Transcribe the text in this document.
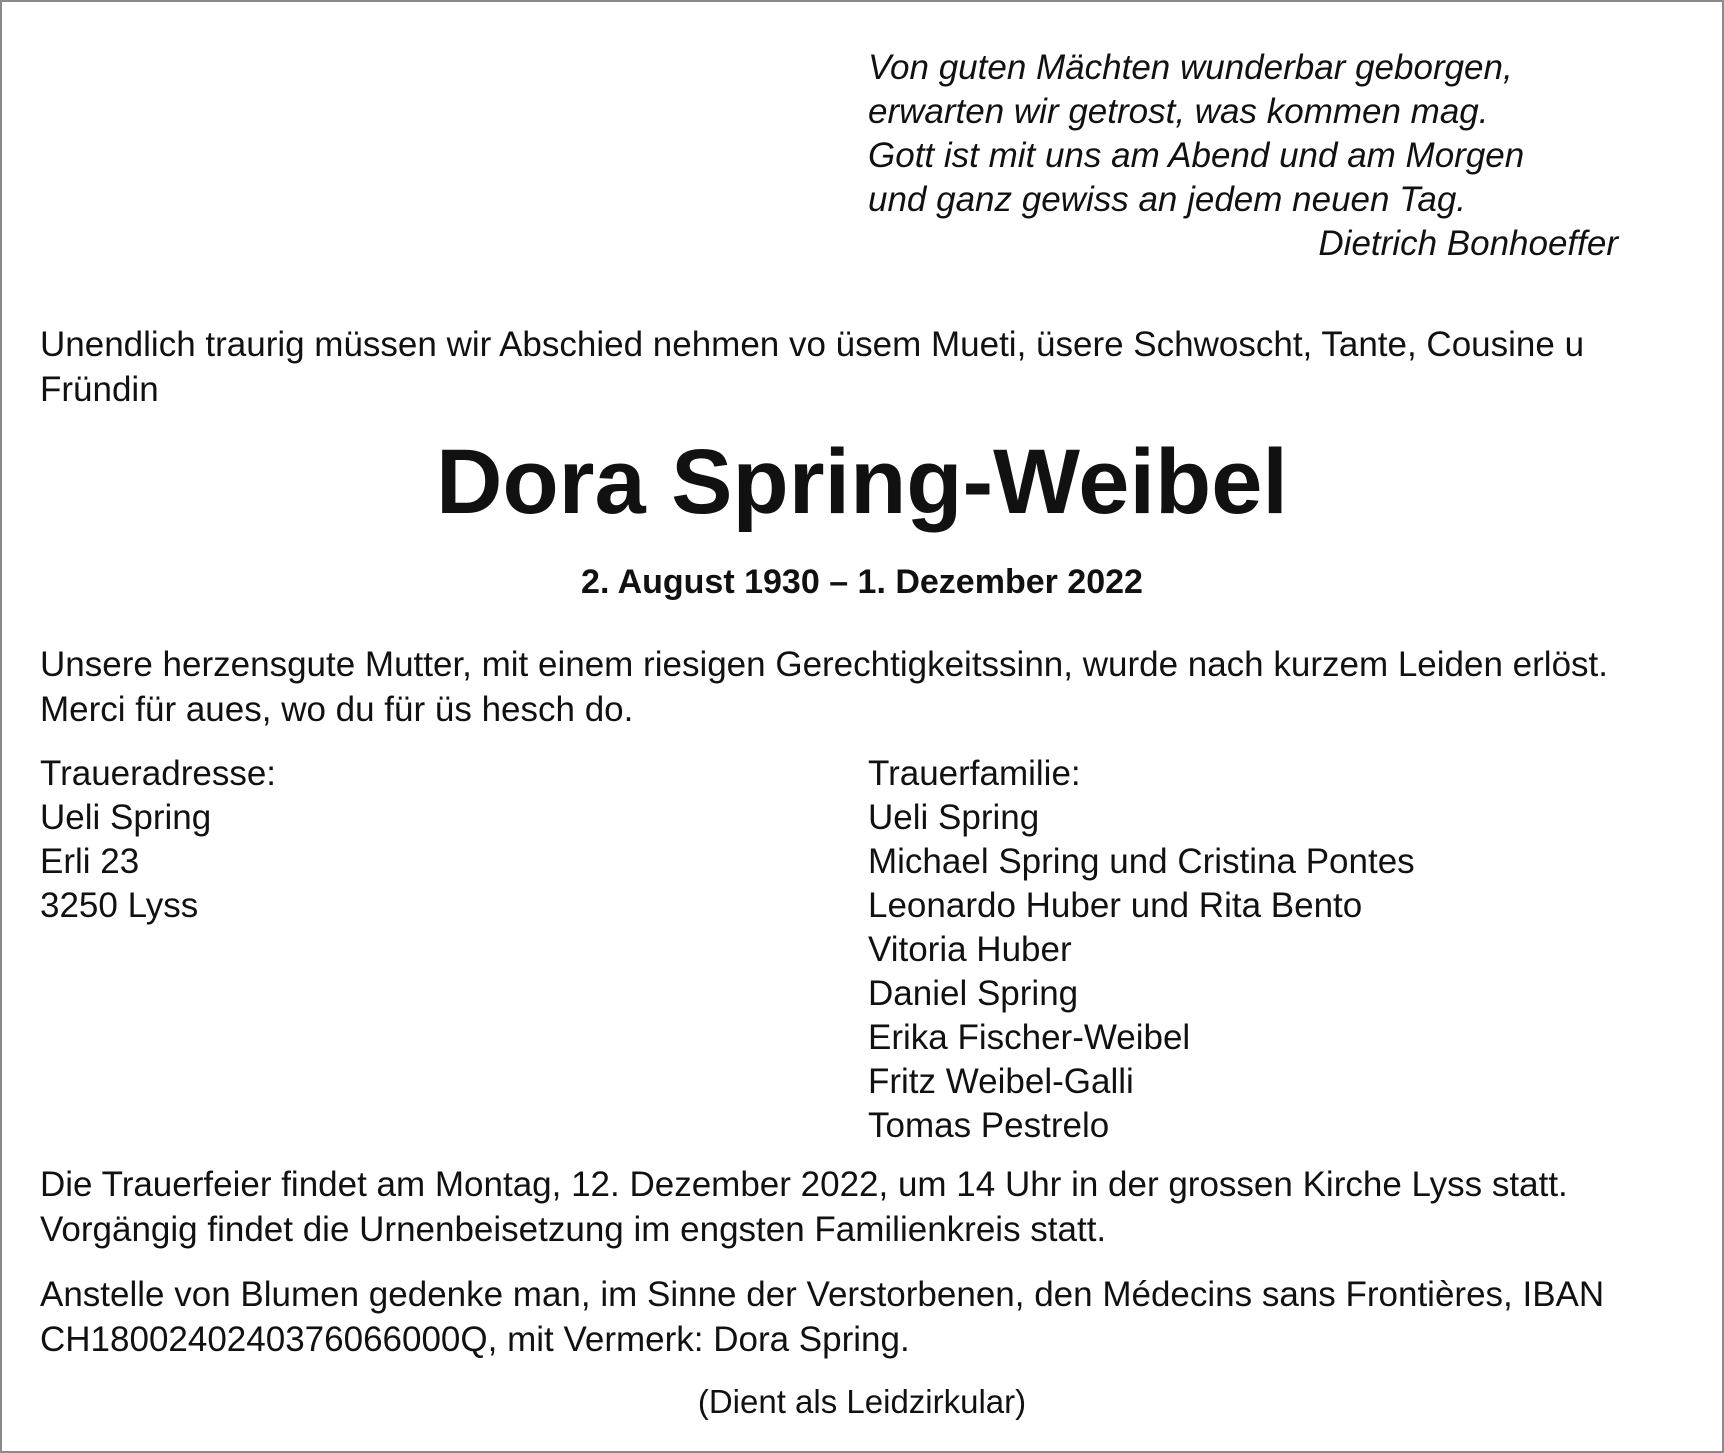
Von guten Mächten wunderbar geborgen,
erwarten wir getrost, was kommen mag.
Gott ist mit uns am Abend und am Morgen
und ganz gewiss an jedem neuen Tag.
Dietrich Bonhoeffer
Unendlich traurig müssen wir Abschied nehmen vo üsem Mueti, üsere Schwoscht, Tante, Cousine u Fründin
Dora Spring-Weibel
2. August 1930 – 1. Dezember 2022
Unsere herzensgute Mutter, mit einem riesigen Gerechtigkeitssinn, wurde nach kurzem Leiden erlöst. Merci für aues, wo du für üs hesch do.
Traueradresse:
Ueli Spring
Erli 23
3250 Lyss
Trauerfamilie:
Ueli Spring
Michael Spring und Cristina Pontes
Leonardo Huber und Rita Bento
Vitoria Huber
Daniel Spring
Erika Fischer-Weibel
Fritz Weibel-Galli
Tomas Pestrelo
Die Trauerfeier findet am Montag, 12. Dezember 2022, um 14 Uhr in der grossen Kirche Lyss statt. Vorgängig findet die Urnenbeisetzung im engsten Familienkreis statt.
Anstelle von Blumen gedenke man, im Sinne der Verstorbenen, den Médecins sans Frontières, IBAN CH1800240240376066000Q, mit Vermerk: Dora Spring.
(Dient als Leidzirkular)
